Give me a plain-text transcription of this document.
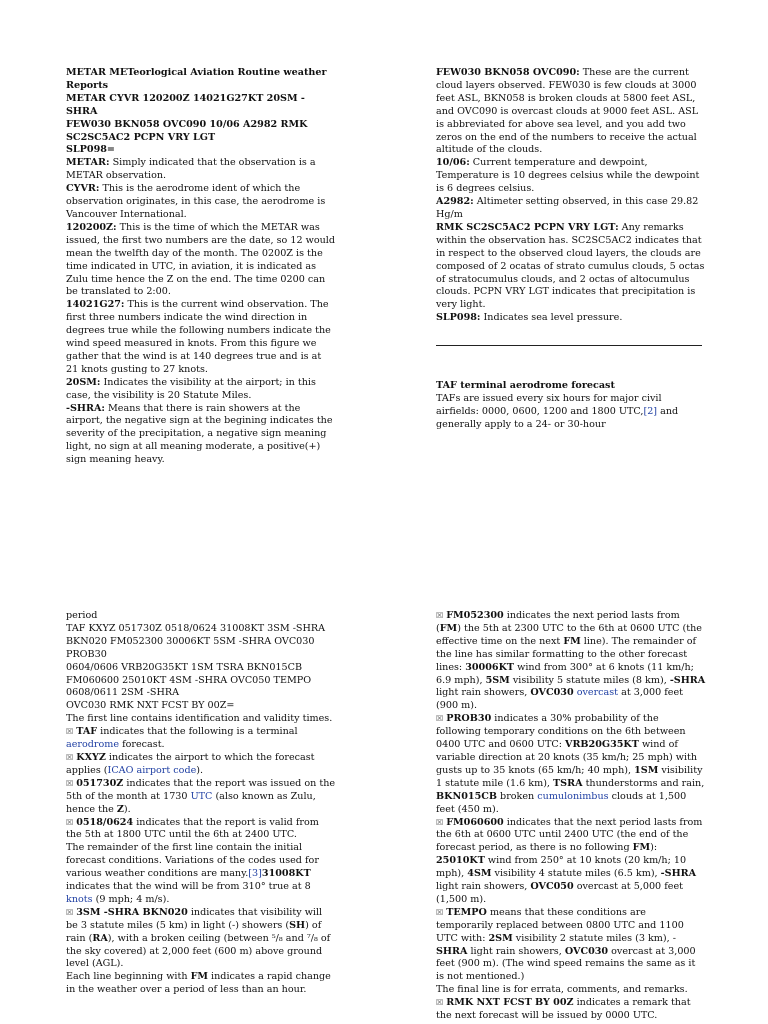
METAR METeorlogical Aviation Routine weather Reports

METAR CYVR 120200Z 14021G27KT 20SM -SHRA
FEW030 BKN058 OVC090 10/06 A2982 RMK
SC2SC5AC2 PCPN VRY LGT
SLP098=

METAR: Simply indicated that the observation is a METAR observation.

CYVR: This is the aerodrome ident of which the observation originates, in this case, the aerodrome is Vancouver International.

120200Z: This is the time of which the METAR was issued, the first two numbers are the date, so 12 would mean the twelfth day of the month. The 0200Z is the time indicated in UTC, in aviation, it is indicated as Zulu time hence the Z on the end. The time 0200 can be translated to 2:00.

14021G27: This is the current wind observation. The first three numbers indicate the wind direction in degrees true while the following numbers indicate the wind speed measured in knots. From this figure we gather that the wind is at 140 degrees true and is at 21 knots gusting to 27 knots.

20SM: Indicates the visibility at the airport; in this case, the visibility is 20 Statute Miles.

-SHRA: Means that there is rain showers at the airport, the negative sign at the begining indicates the severity of the precipitation, a negative sign meaning light, no sign at all meaning moderate, a positive(+) sign meaning heavy.

FEW030 BKN058 OVC090: These are the current cloud layers observed. FEW030 is few clouds at 3000 feet ASL, BKN058 is broken clouds at 5800 feet ASL, and OVC090 is overcast clouds at 9000 feet ASL. ASL is abbreviated for above sea level, and you add two zeros on the end of the numbers to receive the actual altitude of the clouds.

10/06: Current temperature and dewpoint, Temperature is 10 degrees celsius while the dewpoint is 6 degrees celsius.

A2982: Altimeter setting observed, in this case 29.82 Hg/m

RMK SC2SC5AC2 PCPN VRY LGT: Any remarks within the observation has. SC2SC5AC2 indicates that in respect to the observed cloud layers, the clouds are composed of 2 ocatas of strato cumulus clouds, 5 octas of stratocumulus clouds, and 2 octas of altocumulus clouds. PCPN VRY LGT indicates that precipitation is very light.

SLP098: Indicates sea level pressure.

TAF terminal aerodrome forecast

TAFs are issued every six hours for major civil airfields: 0000, 0600, 1200 and 1800 UTC,[2] and generally apply to a 24- or 30-hour

period

TAF KXYZ 051730Z 0518/0624 31008KT 3SM -SHRA
BKN020 FM052300 30006KT 5SM -SHRA OVC030
PROB30
0604/0606 VRB20G35KT 1SM TSRA BKN015CB
FM060600 25010KT 4SM -SHRA OVC050 TEMPO
0608/0611 2SM -SHRA
OVC030 RMK NXT FCST BY 00Z=

The first line contains identification and validity times.

☒ TAF indicates that the following is a terminal aerodrome forecast.

☒ KXYZ indicates the airport to which the forecast applies (ICAO airport code).

☒ 051730Z indicates that the report was issued on the 5th of the month at 1730 UTC (also known as Zulu, hence the Z).

☒ 0518/0624 indicates that the report is valid from the 5th at 1800 UTC until the 6th at 2400 UTC.

The remainder of the first line contain the initial forecast conditions. Variations of the codes used for various weather conditions are many.[3]31008KT indicates that the wind will be from 310° true at 8 knots (9 mph; 4 m/s).

☒ 3SM -SHRA BKN020 indicates that visibility will be 3 statute miles (5 km) in light (-) showers (SH) of rain (RA), with a broken ceiling (between ⁵/₈ and ⁷/₈ of the sky covered) at 2,000 feet (600 m) above ground level (AGL).

Each line beginning with FM indicates a rapid change in the weather over a period of less than an hour.

☒ FM052300 indicates the next period lasts from (FM) the 5th at 2300 UTC to the 6th at 0600 UTC (the effective time on the next FM line). The remainder of the line has similar formatting to the other forecast lines: 30006KT wind from 300° at 6 knots (11 km/h; 6.9 mph), 5SM visibility 5 statute miles (8 km), -SHRA light rain showers, OVC030 overcast at 3,000 feet (900 m).

☒ PROB30 indicates a 30% probability of the following temporary conditions on the 6th between 0400 UTC and 0600 UTC: VRB20G35KT wind of variable direction at 20 knots (35 km/h; 25 mph) with gusts up to 35 knots (65 km/h; 40 mph), 1SM visibility 1 statute mile (1.6 km), TSRA thunderstorms and rain, BKN015CB broken cumulonimbus clouds at 1,500 feet (450 m).

☒ FM060600 indicates that the next period lasts from the 6th at 0600 UTC until 2400 UTC (the end of the forecast period, as there is no following FM): 25010KT wind from 250° at 10 knots (20 km/h; 10 mph), 4SM visibility 4 statute miles (6.5 km), -SHRA light rain showers, OVC050 overcast at 5,000 feet (1,500 m).

☒ TEMPO means that these conditions are temporarily replaced between 0800 UTC and 1100 UTC with: 2SM visibility 2 statute miles (3 km), -SHRA light rain showers, OVC030 overcast at 3,000 feet (900 m). (The wind speed remains the same as it is not mentioned.)

The final line is for errata, comments, and remarks.

☒ RMK NXT FCST BY 00Z indicates a remark that the next forecast will be issued by 0000 UTC.
